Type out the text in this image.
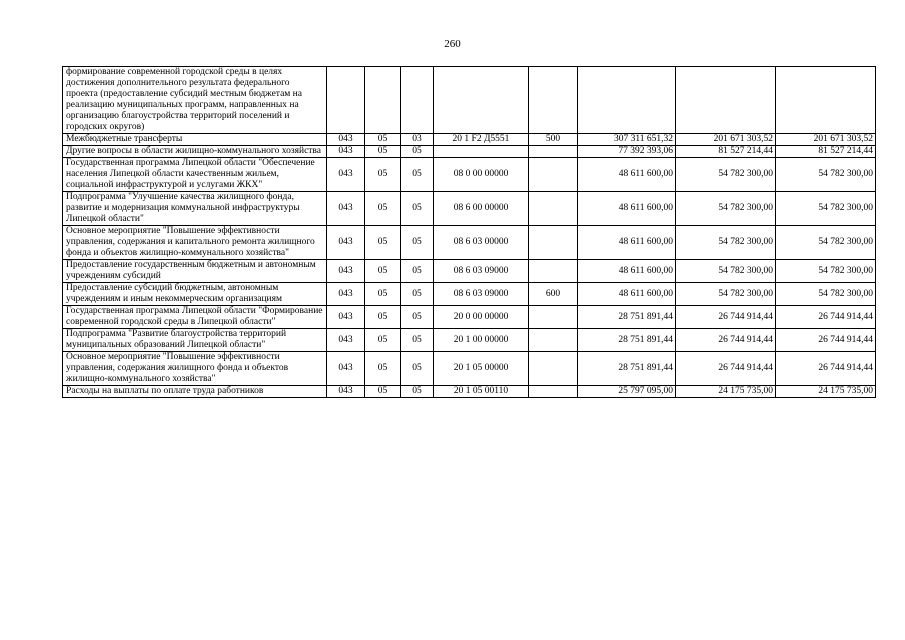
260
формирование современной городской среды в целях достижения дополнительного результата федерального проекта (предоставление субсидий местным бюджетам на реализацию муниципальных программ, направленных на организацию благоустройства территорий поселений и городских округов)								
Межбюджетные трансферты	043	05	03	20 1 F2 Д5551	500	307 311 651,32	201 671 303,52	201 671 303,52
Другие вопросы в области жилищно-коммунального хозяйства	043	05	05			77 392 393,06	81 527 214,44	81 527 214,44
Государственная программа Липецкой области "Обеспечение населения Липецкой области качественным жильем, социальной инфраструктурой и услугами ЖКХ"	043	05	05	08 0 00 00000		48 611 600,00	54 782 300,00	54 782 300,00
Подпрограмма "Улучшение качества жилищного фонда, развитие и модернизация коммунальной инфраструктуры Липецкой области"	043	05	05	08 6 00 00000		48 611 600,00	54 782 300,00	54 782 300,00
Основное мероприятие "Повышение эффективности управления, содержания и капитального ремонта жилищного фонда и объектов жилищно-коммунального хозяйства"	043	05	05	08 6 03 00000		48 611 600,00	54 782 300,00	54 782 300,00
Предоставление государственным бюджетным и автономным учреждениям субсидий	043	05	05	08 6 03 09000		48 611 600,00	54 782 300,00	54 782 300,00
Предоставление субсидий бюджетным, автономным учреждениям и иным некоммерческим организациям	043	05	05	08 6 03 09000	600	48 611 600,00	54 782 300,00	54 782 300,00
Государственная программа Липецкой области "Формирование современной городской среды в Липецкой области"	043	05	05	20 0 00 00000		28 751 891,44	26 744 914,44	26 744 914,44
Подпрограмма "Развитие благоустройства территорий муниципальных образований Липецкой области"	043	05	05	20 1 00 00000		28 751 891,44	26 744 914,44	26 744 914,44
Основное мероприятие "Повышение эффективности управления, содержания жилищного фонда и объектов жилищно-коммунального хозяйства"	043	05	05	20 1 05 00000		28 751 891,44	26 744 914,44	26 744 914,44
Расходы на выплаты по оплате труда работников	043	05	05	20 1 05 00110		25 797 095,00	24 175 735,00	24 175 735,00
